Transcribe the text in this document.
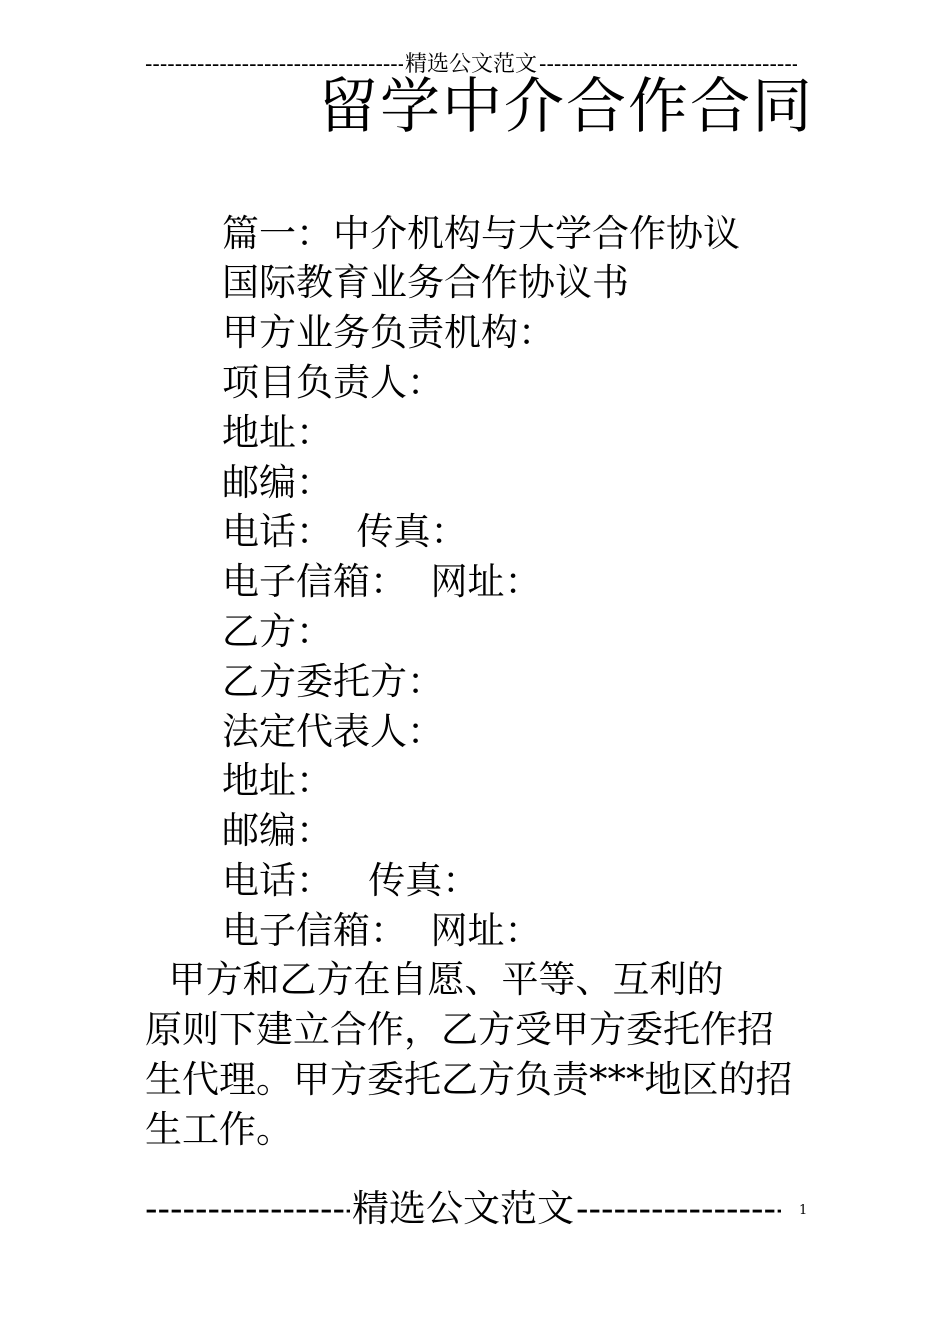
-----
精选公文范文
-----
留学中介合作合同
篇一：中介机构与大学合作协议
国际教育业务合作协议书
甲方业务负责机构：
项目负责人：
地址：
邮编：
电话：  传真：
电子信箱：  网址：
乙方：
乙方委托方：
法定代表人：
地址：
邮编：
电话：   传真：
电子信箱：  网址：
甲方和乙方在自愿、平等、互利的
原则下建立合作，乙方受甲方委托作招
生代理。甲方委托乙方负责***地区的招
生工作。
-----
精选公文范文
-----	1
